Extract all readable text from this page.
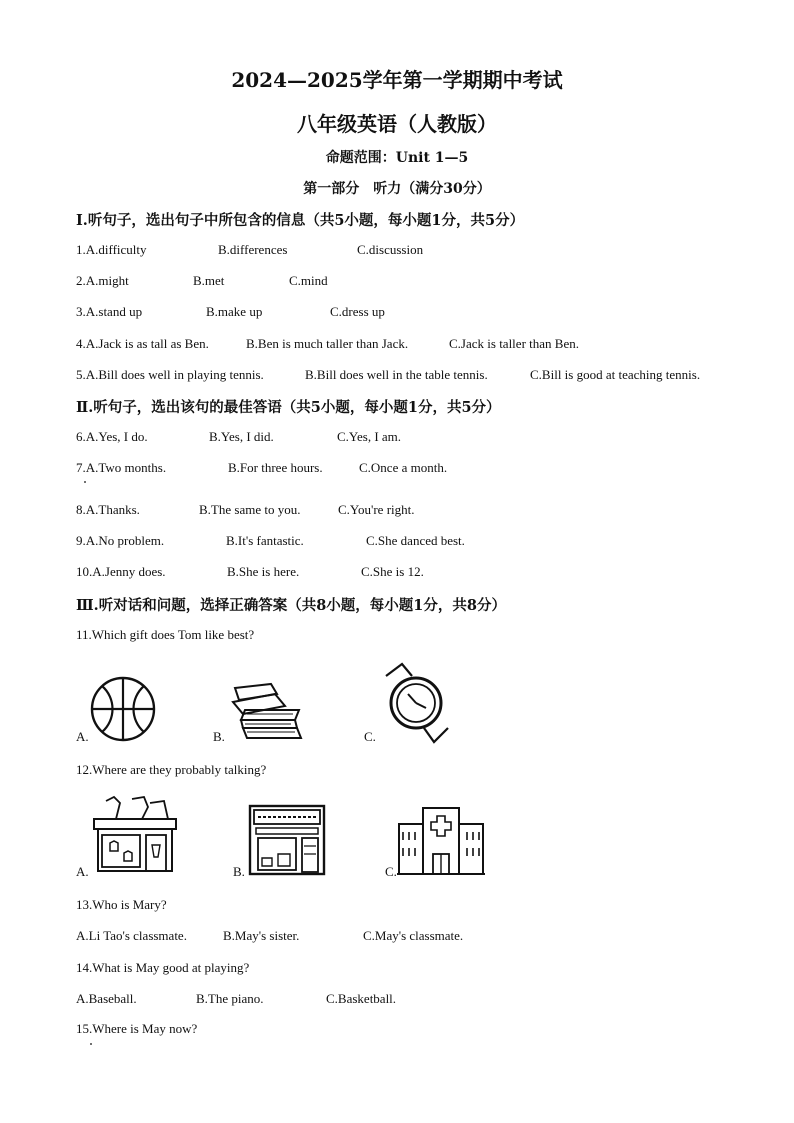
2024—2025学年第一学期期中考试
八年级英语（人教版）
命题范围：Unit 1—5
第一部分　听力（满分30分）
Ⅰ.听句子，选出句子中所包含的信息（共5小题，每小题1分，共5分）
1.A.difficulty	B.differences	C.discussion
2.A.might	B.met	C.mind
3.A.stand up	B.make up	C.dress up
4.A.Jack is as tall as Ben.	B.Ben is much taller than Jack.	C.Jack is taller than Ben.
5.A.Bill does well in playing tennis.	B.Bill does well in the table tennis.	C.Bill is good at teaching tennis.
Ⅱ.听句子，选出该句的最佳答语（共5小题，每小题1分，共5分）
6.A.Yes, I do.	B.Yes, I did.	C.Yes, I am.
7.A.Two months.	B.For three hours.	C.Once a month.
8.A.Thanks.	B.The same to you.	C.You're right.
9.A.No problem.	B.It's fantastic.	C.She danced best.
10.A.Jenny does.	B.She is here.	C.She is 12.
Ⅲ.听对话和问题，选择正确答案（共8小题，每小题1分，共8分）
11.Which gift does Tom like best?
A.	B.	C.
12.Where are they probably talking?
A.	B.	C.
13.Who is Mary?
A.Li Tao's classmate.	B.May's sister.	C.May's classmate.
14.What is May good at playing?
A.Baseball.	B.The piano.	C.Basketball.
15.Where is May now?
